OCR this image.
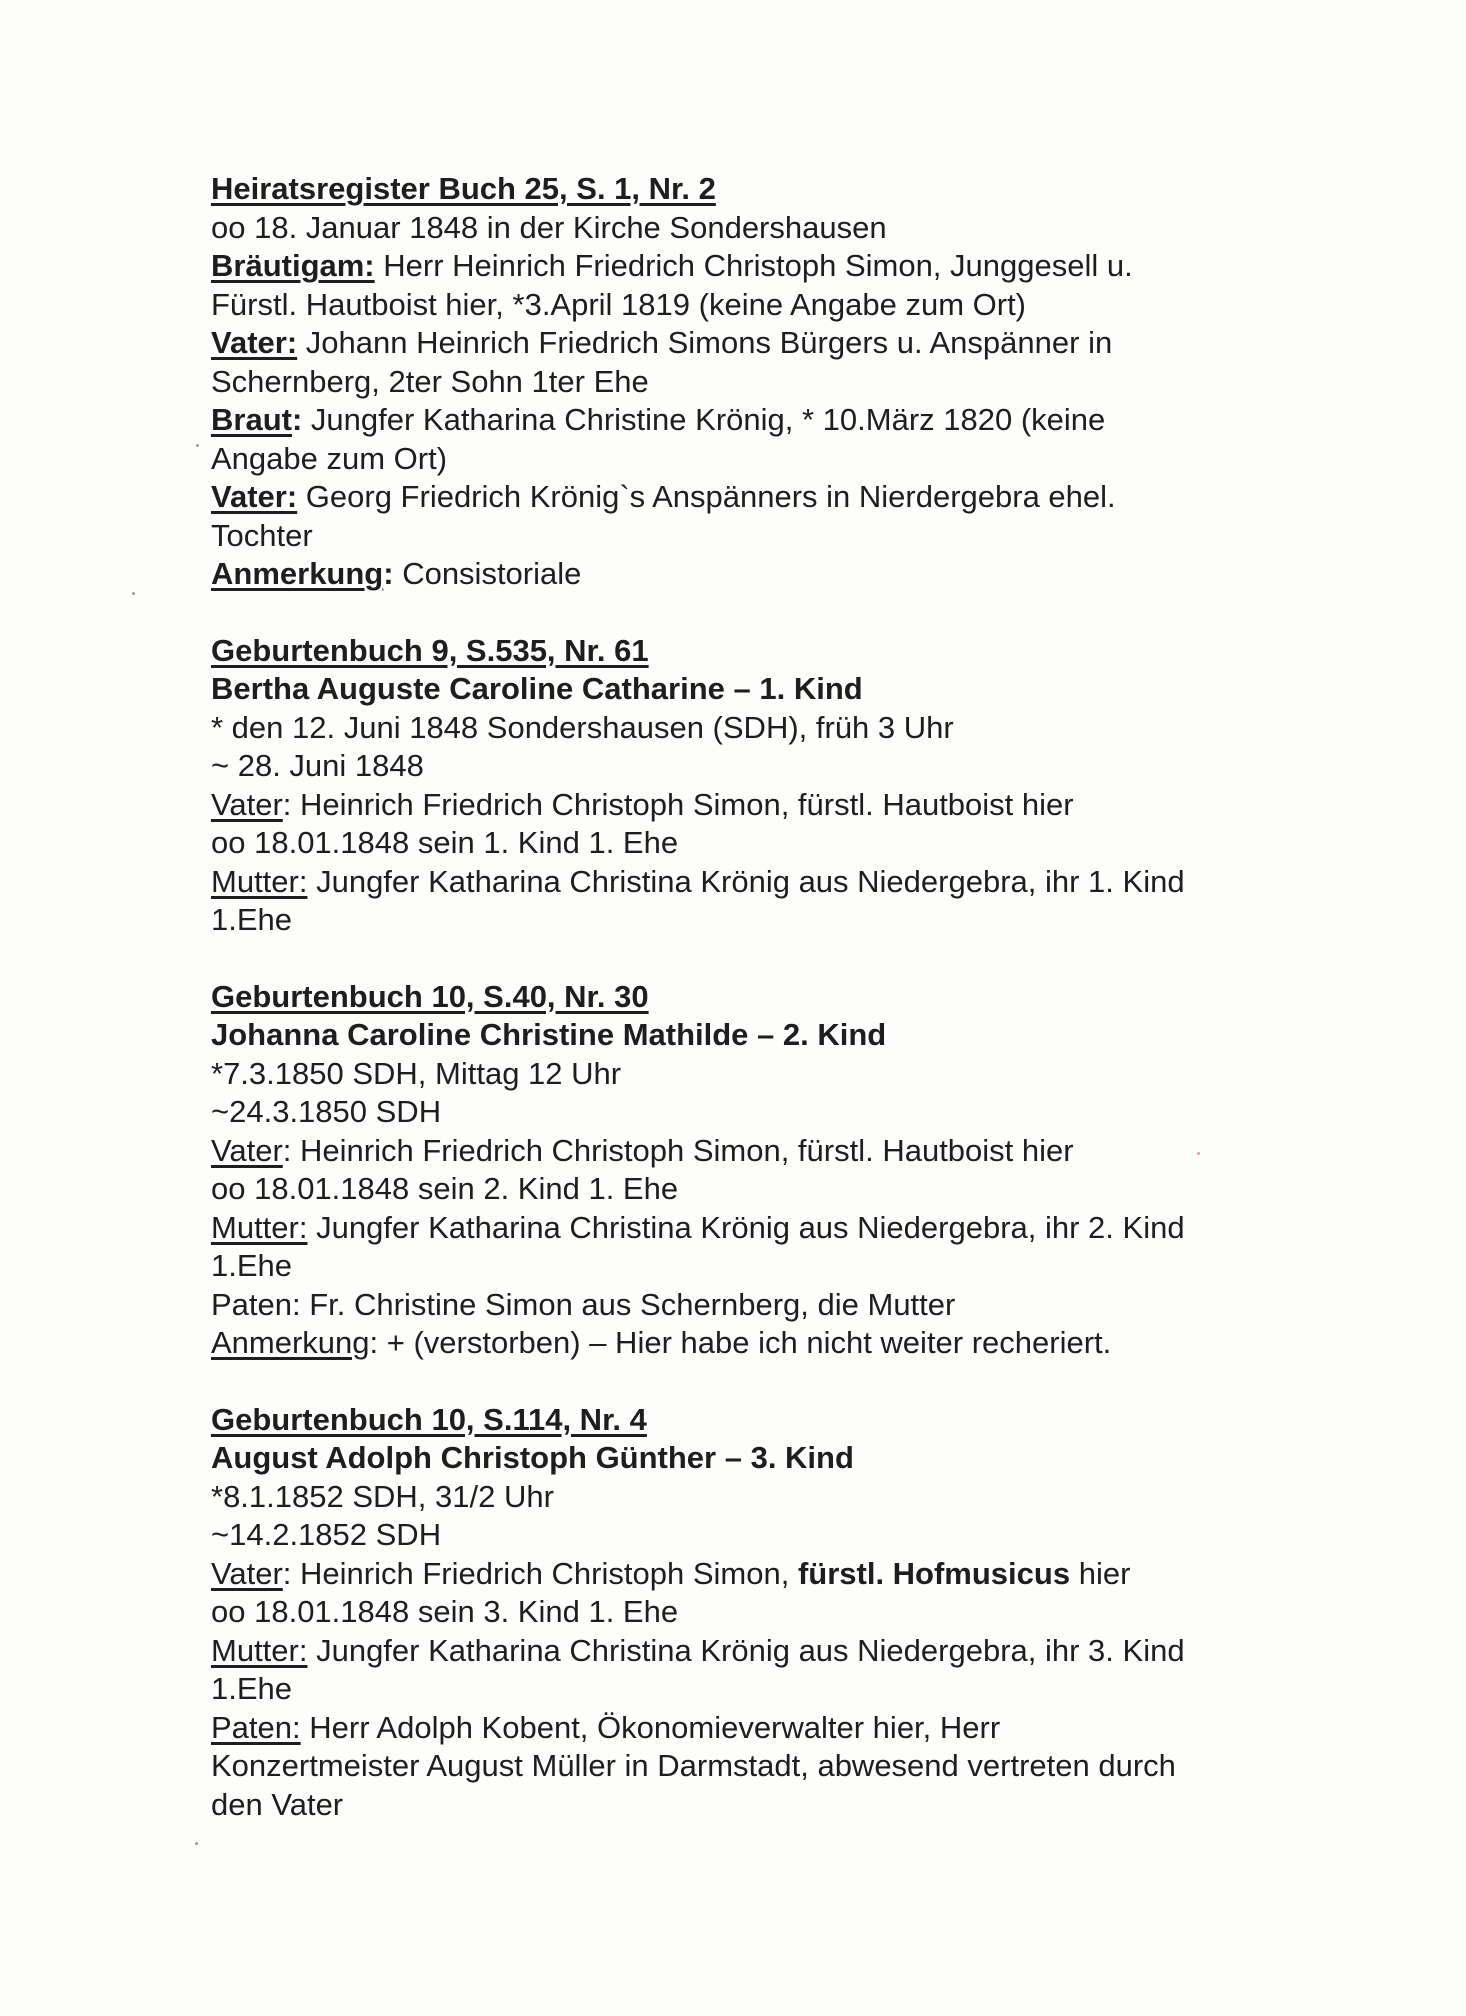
Heiratsregister Buch 25, S. 1, Nr. 2
oo 18. Januar 1848 in der Kirche Sondershausen
Bräutigam: Herr Heinrich Friedrich Christoph Simon, Junggesell u.
Fürstl. Hautboist hier, *3.April 1819 (keine Angabe zum Ort)
Vater: Johann Heinrich Friedrich Simons Bürgers u. Anspänner in
Schernberg, 2ter Sohn 1ter Ehe
Braut: Jungfer Katharina Christine Krönig, * 10.März 1820 (keine
Angabe zum Ort)
Vater: Georg Friedrich Krönig`s Anspänners in Nierdergebra ehel.
Tochter
Anmerkung: Consistoriale
Geburtenbuch 9, S.535, Nr. 61
Bertha Auguste Caroline Catharine – 1. Kind
* den 12. Juni 1848 Sondershausen (SDH), früh 3 Uhr
~ 28. Juni 1848
Vater: Heinrich Friedrich Christoph Simon, fürstl. Hautboist hier
oo 18.01.1848 sein 1. Kind 1. Ehe
Mutter: Jungfer Katharina Christina Krönig aus Niedergebra, ihr 1. Kind
1.Ehe
Geburtenbuch 10, S.40, Nr. 30
Johanna Caroline Christine Mathilde – 2. Kind
*7.3.1850 SDH, Mittag 12 Uhr
~24.3.1850 SDH
Vater: Heinrich Friedrich Christoph Simon, fürstl. Hautboist hier
oo 18.01.1848 sein 2. Kind 1. Ehe
Mutter: Jungfer Katharina Christina Krönig aus Niedergebra, ihr 2. Kind
1.Ehe
Paten: Fr. Christine Simon aus Schernberg, die Mutter
Anmerkung: + (verstorben) – Hier habe ich nicht weiter recheriert.
Geburtenbuch 10, S.114, Nr. 4
August Adolph Christoph Günther – 3. Kind
*8.1.1852 SDH, 31/2 Uhr
~14.2.1852 SDH
Vater: Heinrich Friedrich Christoph Simon, fürstl. Hofmusicus hier
oo 18.01.1848 sein 3. Kind 1. Ehe
Mutter: Jungfer Katharina Christina Krönig aus Niedergebra, ihr 3. Kind
1.Ehe
Paten: Herr Adolph Kobent, Ökonomieverwalter hier, Herr
Konzertmeister August Müller in Darmstadt, abwesend vertreten durch
den Vater
